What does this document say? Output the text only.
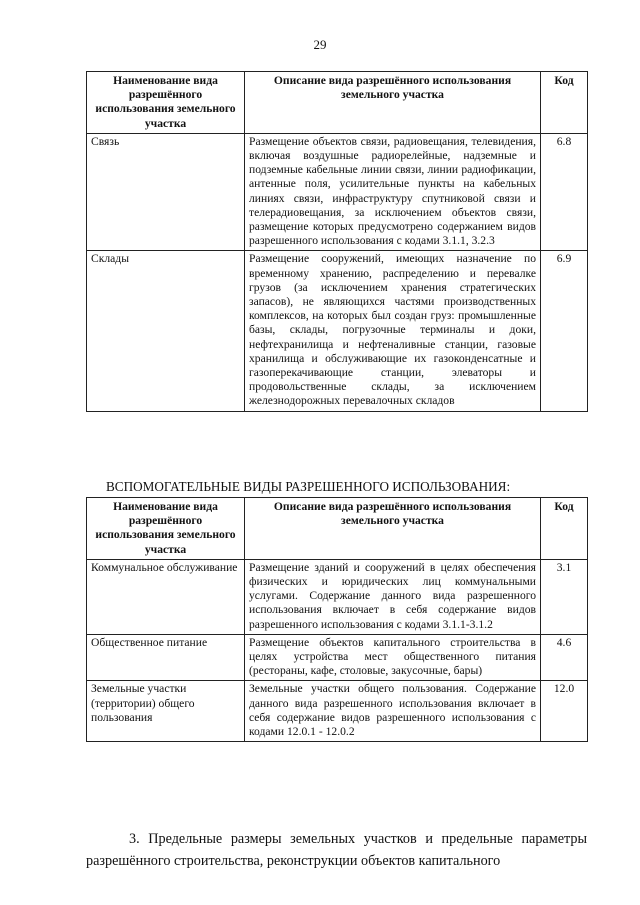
29
Наименование вида разрешённого использования земельного участка	Описание вида разрешённого использования земельного участка	Код
Связь	Размещение объектов связи, радиовещания, телевидения, включая воздушные радиорелейные, надземные и подземные кабельные линии связи, линии радиофикации, антенные поля, усилительные пункты на кабельных линиях связи, инфраструктуру спутниковой связи и телерадиовещания, за исключением объектов связи, размещение которых предусмотрено содержанием видов разрешенного использования с кодами 3.1.1, 3.2.3	6.8
Склады	Размещение сооружений, имеющих назначение по временному хранению, распределению и перевалке грузов (за исключением хранения стратегических запасов), не являющихся частями производственных комплексов, на которых был создан груз: промышленные базы, склады, погрузочные терминалы и доки, нефтехранилища и нефтеналивные станции, газовые хранилища и обслуживающие их газоконденсатные и газоперекачивающие станции, элеваторы и продовольственные склады, за исключением железнодорожных перевалочных складов	6.9
ВСПОМОГАТЕЛЬНЫЕ ВИДЫ РАЗРЕШЕННОГО ИСПОЛЬЗОВАНИЯ:
Наименование вида разрешённого использования земельного участка	Описание вида разрешённого использования земельного участка	Код
Коммунальное обслуживание	Размещение зданий и сооружений в целях обеспечения физических и юридических лиц коммунальными услугами. Содержание данного вида разрешенного использования включает в себя содержание видов разрешенного использования с кодами 3.1.1-3.1.2	3.1
Общественное питание	Размещение объектов капитального строительства в целях устройства мест общественного питания (рестораны, кафе, столовые, закусочные, бары)	4.6
Земельные участки (территории) общего пользования	Земельные участки общего пользования. Содержание данного вида разрешенного использования включает в себя содержание видов разрешенного использования с кодами 12.0.1 - 12.0.2	12.0
3. Предельные размеры земельных участков и предельные параметры разрешённого строительства, реконструкции объектов капитального
